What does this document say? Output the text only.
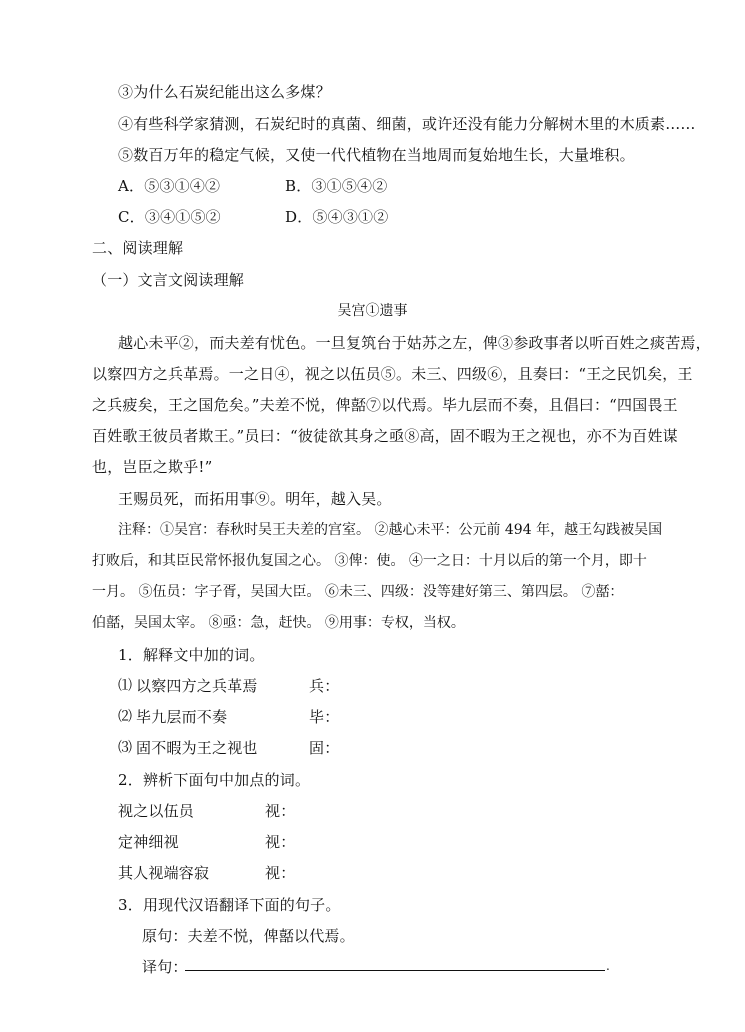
③为什么石炭纪能出这么多煤？
④有些科学家猜测，石炭纪时的真菌、细菌，或许还没有能力分解树木里的木质素……
⑤数百万年的稳定气候，又使一代代植物在当地周而复始地生长，大量堆积。
A．⑤③①④②	B．③①⑤④②
C．③④①⑤②	D．⑤④③①②
二、阅读理解
（一）文言文阅读理解
吴宫①遗事
越心未平②，而夫差有忧色。一旦复筑台于姑苏之左，俾③参政事者以听百姓之痰苦焉，
以察四方之兵革焉。一之日④，视之以伍员⑤。未三、四级⑥，且奏曰：“王之民饥矣，王
之兵疲矣，王之国危矣。”夫差不悦，俾嚭⑦以代焉。毕九层而不奏，且倡曰：“四国畏王
百姓歌王彼员者欺王。”员曰：“彼徒欲其身之亟⑧高，固不暇为王之视也，亦不为百姓谋
也，岂臣之欺乎!”
王赐员死，而拓用事⑨。明年，越入吴。
注释：①吴宫：春秋时吴王夫差的宫室。 ②越心未平：公元前 494 年，越王勾践被吴国
打败后，和其臣民常怀报仇复国之心。 ③俾：使。 ④一之日：十月以后的第一个月，即十
一月。 ⑤伍员：字子胥，吴国大臣。 ⑥未三、四级：没等建好第三、第四层。 ⑦嚭：
伯嚭，吴国太宰。 ⑧亟：急，赶快。 ⑨用事：专权，当权。
1．解释文中加的词。
⑴ 以察四方之兵革焉	兵：
⑵ 毕九层而不奏	毕：
⑶ 固不暇为王之视也	固：
2．辨析下面句中加点的词。
视之以伍员	视：
定神细视	视：
其人视端容寂	视：
3．用现代汉语翻译下面的句子。
原句：夫差不悦，俾嚭以代焉。
译句：	.
